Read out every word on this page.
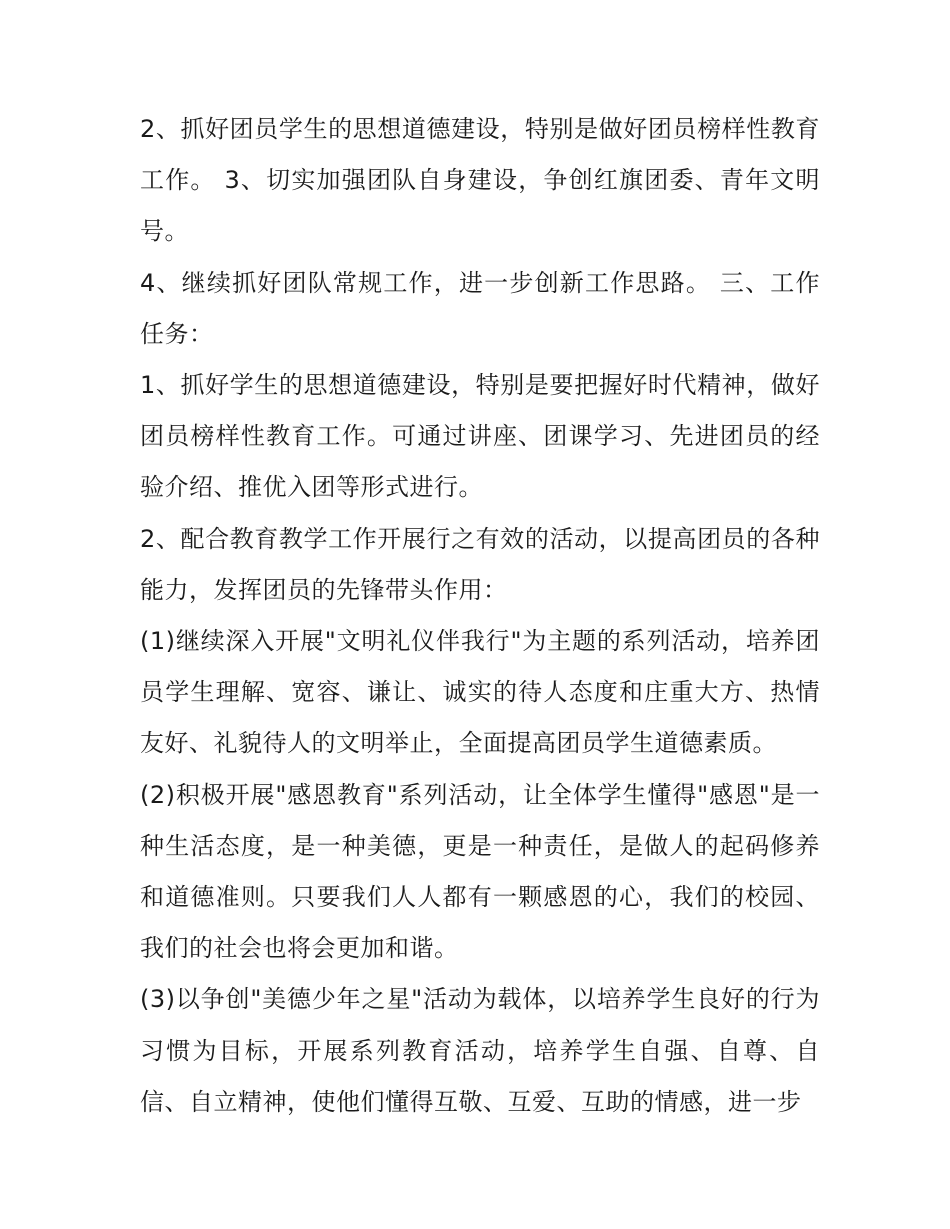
2、抓好团员学生的思想道德建设，特别是做好团员榜样性教育工作。 3、切实加强团队自身建设，争创红旗团委、青年文明号。

4、继续抓好团队常规工作，进一步创新工作思路。 三、工作任务：

1、抓好学生的思想道德建设，特别是要把握好时代精神，做好团员榜样性教育工作。可通过讲座、团课学习、先进团员的经验介绍、推优入团等形式进行。

2、配合教育教学工作开展行之有效的活动，以提高团员的各种能力，发挥团员的先锋带头作用：

(1)继续深入开展"文明礼仪伴我行"为主题的系列活动，培养团员学生理解、宽容、谦让、诚实的待人态度和庄重大方、热情友好、礼貌待人的文明举止，全面提高团员学生道德素质。

(2)积极开展"感恩教育"系列活动，让全体学生懂得"感恩"是一种生活态度，是一种美德，更是一种责任，是做人的起码修养和道德准则。只要我们人人都有一颗感恩的心，我们的校园、我们的社会也将会更加和谐。

(3)以争创"美德少年之星"活动为载体，以培养学生良好的行为习惯为目标，开展系列教育活动，培养学生自强、自尊、自信、自立精神，使他们懂得互敬、互爱、互助的情感，进一步
